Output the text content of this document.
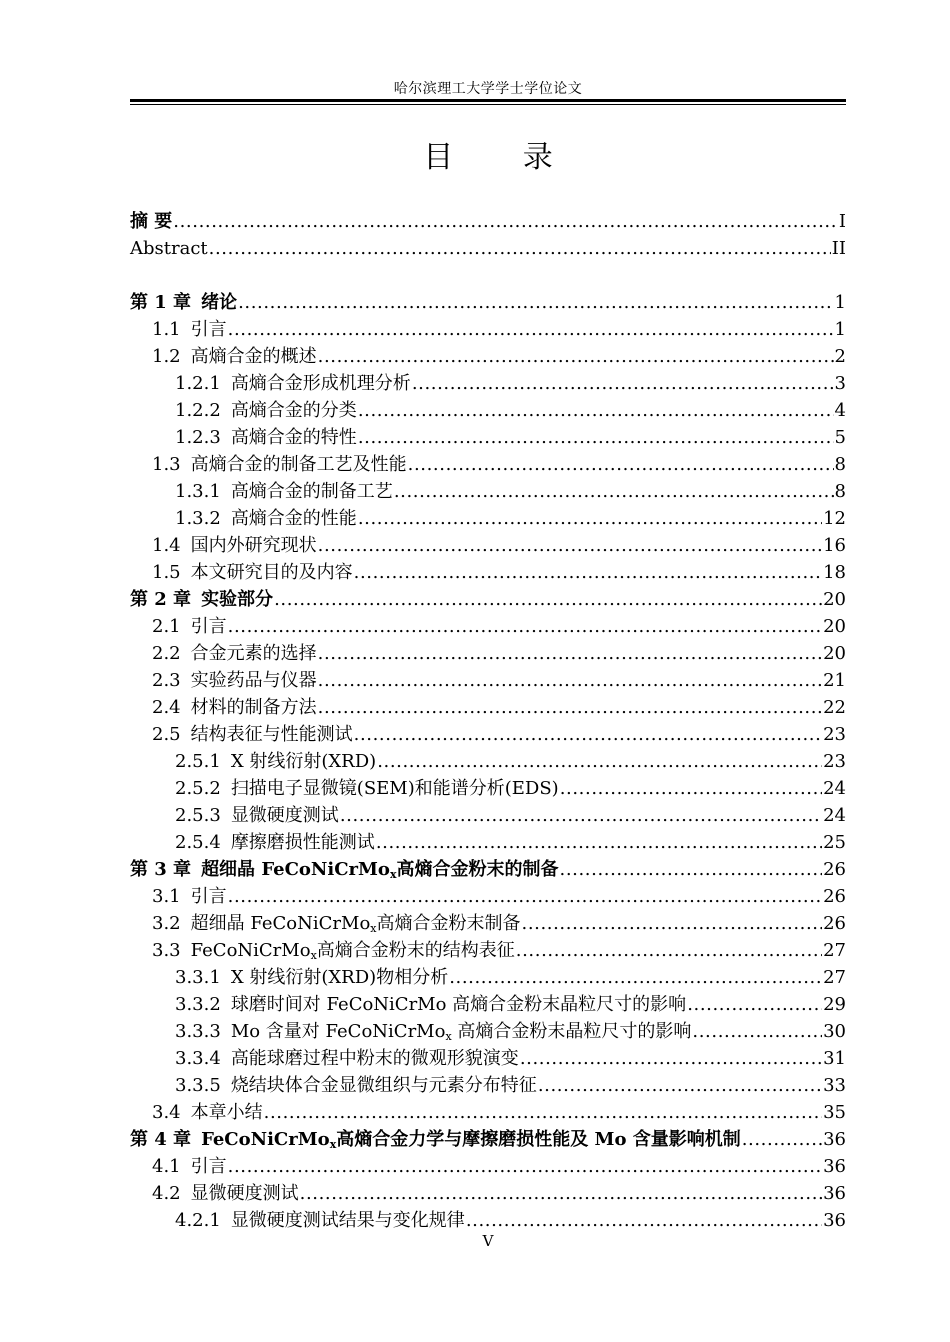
哈尔滨理工大学学士学位论文
目 录
摘 要 .....	I
Abstract .....	II
第 1 章 绪论 .....	1
1.1 引言 .....	1
1.2 高熵合金的概述 .....	2
1.2.1 高熵合金形成机理分析 .....	3
1.2.2 高熵合金的分类 .....	4
1.2.3 高熵合金的特性 .....	5
1.3 高熵合金的制备工艺及性能 .....	8
1.3.1 高熵合金的制备工艺 .....	8
1.3.2 高熵合金的性能 .....	12
1.4 国内外研究现状 .....	16
1.5 本文研究目的及内容 .....	18
第 2 章 实验部分 .....	20
2.1 引言 .....	20
2.2 合金元素的选择 .....	20
2.3 实验药品与仪器 .....	21
2.4 材料的制备方法 .....	22
2.5 结构表征与性能测试 .....	23
2.5.1 X 射线衍射(XRD) .....	23
2.5.2 扫描电子显微镜(SEM)和能谱分析(EDS) .....	24
2.5.3 显微硬度测试 .....	24
2.5.4 摩擦磨损性能测试 .....	25
第 3 章 超细晶 FeCoNiCrMo$_x$高熵合金粉末的制备 .....	26
3.1 引言 .....	26
3.2 超细晶 FeCoNiCrMo$_x$高熵合金粉末制备 .....	26
3.3 FeCoNiCrMo$_x$高熵合金粉末的结构表征 .....	27
3.3.1 X 射线衍射(XRD)物相分析 .....	27
3.3.2 球磨时间对 FeCoNiCrMo 高熵合金粉末晶粒尺寸的影响 .....	29
3.3.3 Mo 含量对 FeCoNiCrMo$_x$ 高熵合金粉末晶粒尺寸的影响 .....	30
3.3.4 高能球磨过程中粉末的微观形貌演变 .....	31
3.3.5 烧结块体合金显微组织与元素分布特征 .....	33
3.4 本章小结 .....	35
第 4 章 FeCoNiCrMo$_x$高熵合金力学与摩擦磨损性能及 Mo 含量影响机制 .....	36
4.1 引言 .....	36
4.2 显微硬度测试 .....	36
4.2.1 显微硬度测试结果与变化规律 .....	36
V
